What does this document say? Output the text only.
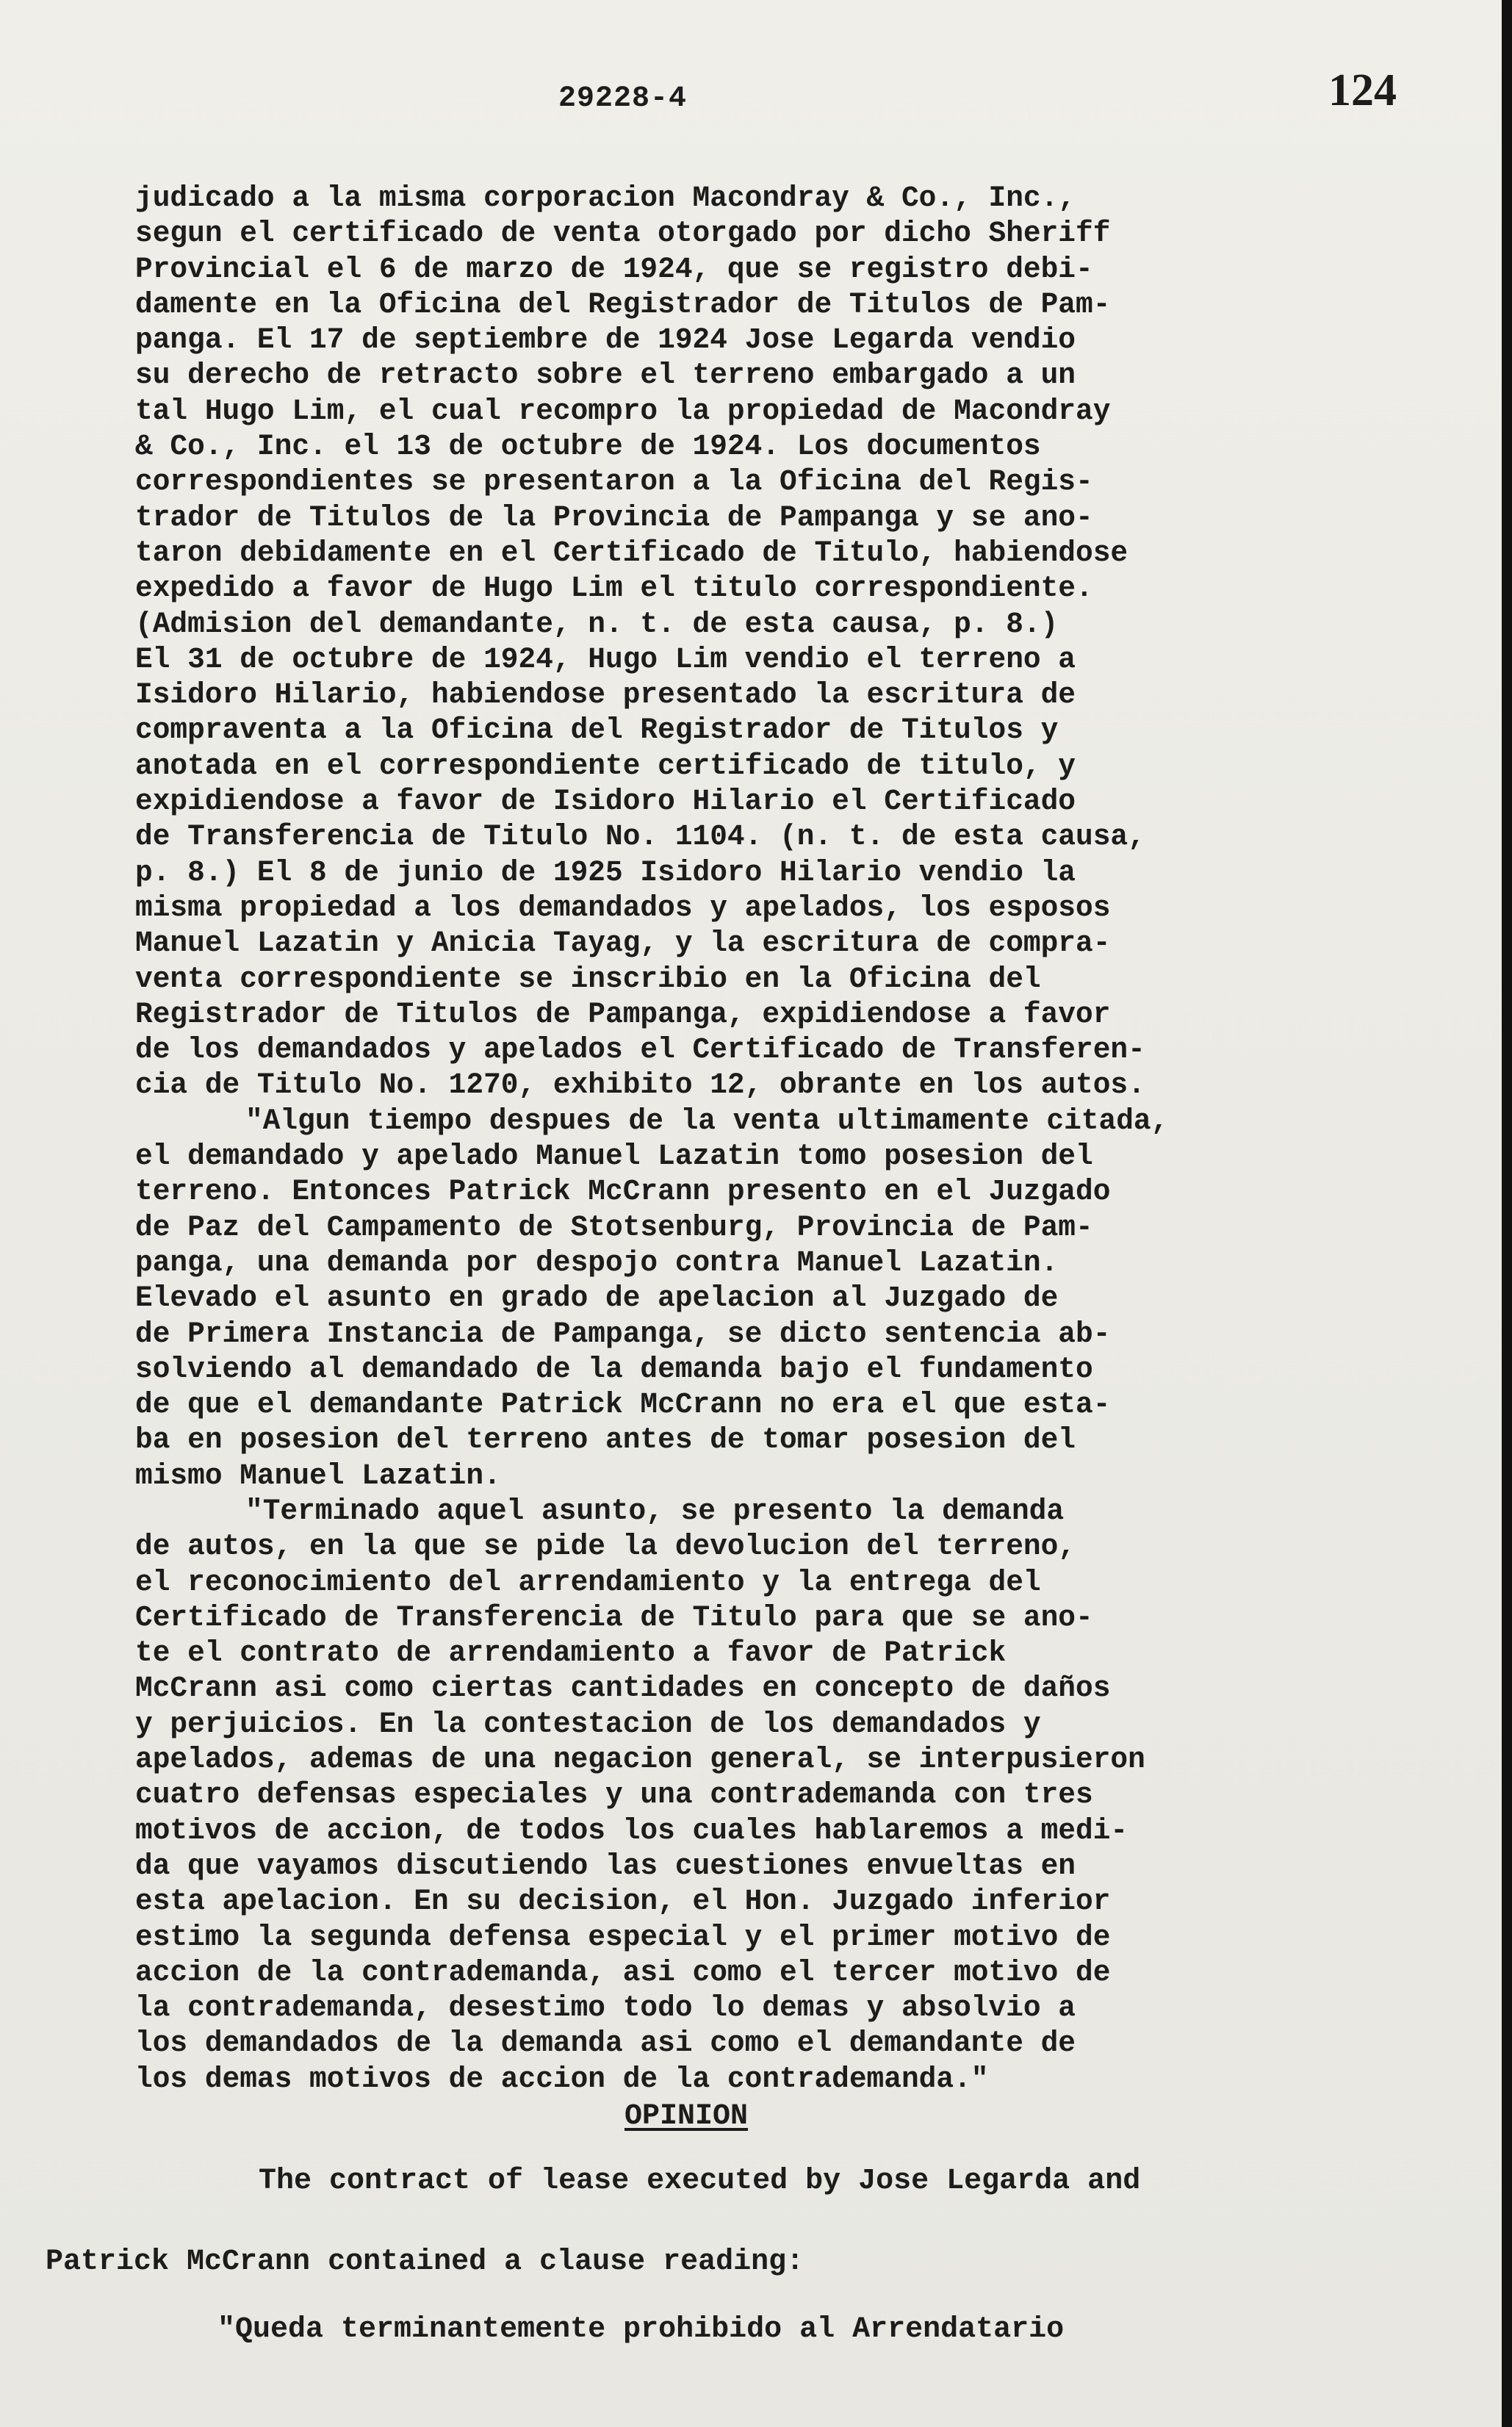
29228-4	124
judicado a la misma corporacion Macondray & Co., Inc.,
segun el certificado de venta otorgado por dicho Sheriff
Provincial el 6 de marzo de 1924, que se registro debi-
damente en la Oficina del Registrador de Titulos de Pam-
panga. El 17 de septiembre de 1924 Jose Legarda vendio
su derecho de retracto sobre el terreno embargado a un
tal Hugo Lim, el cual recompro la propiedad de Macondray
& Co., Inc. el 13 de octubre de 1924. Los documentos
correspondientes se presentaron a la Oficina del Regis-
trador de Titulos de la Provincia de Pampanga y se ano-
taron debidamente en el Certificado de Titulo, habiendose
expedido a favor de Hugo Lim el titulo correspondiente.
(Admision del demandante, n. t. de esta causa, p. 8.)
El 31 de octubre de 1924, Hugo Lim vendio el terreno a
Isidoro Hilario, habiendose presentado la escritura de
compraventa a la Oficina del Registrador de Titulos y
anotada en el correspondiente certificado de titulo, y
expidiendose a favor de Isidoro Hilario el Certificado
de Transferencia de Titulo No. 1104. (n. t. de esta causa,
p. 8.) El 8 de junio de 1925 Isidoro Hilario vendio la
misma propiedad a los demandados y apelados, los esposos
Manuel Lazatin y Anicia Tayag, y la escritura de compra-
venta correspondiente se inscribio en la Oficina del
Registrador de Titulos de Pampanga, expidiendose a favor
de los demandados y apelados el Certificado de Transferen-
cia de Titulo No. 1270, exhibito 12, obrante en los autos.
"Algun tiempo despues de la venta ultimamente citada,
el demandado y apelado Manuel Lazatin tomo posesion del
terreno. Entonces Patrick McCrann presento en el Juzgado
de Paz del Campamento de Stotsenburg, Provincia de Pam-
panga, una demanda por despojo contra Manuel Lazatin.
Elevado el asunto en grado de apelacion al Juzgado de
de Primera Instancia de Pampanga, se dicto sentencia ab-
solviendo al demandado de la demanda bajo el fundamento
de que el demandante Patrick McCrann no era el que esta-
ba en posesion del terreno antes de tomar posesion del
mismo Manuel Lazatin.
"Terminado aquel asunto, se presento la demanda
de autos, en la que se pide la devolucion del terreno,
el reconocimiento del arrendamiento y la entrega del
Certificado de Transferencia de Titulo para que se ano-
te el contrato de arrendamiento a favor de Patrick
McCrann asi como ciertas cantidades en concepto de daños
y perjuicios. En la contestacion de los demandados y
apelados, ademas de una negacion general, se interpusieron
cuatro defensas especiales y una contrademanda con tres
motivos de accion, de todos los cuales hablaremos a medi-
da que vayamos discutiendo las cuestiones envueltas en
esta apelacion. En su decision, el Hon. Juzgado inferior
estimo la segunda defensa especial y el primer motivo de
accion de la contrademanda, asi como el tercer motivo de
la contrademanda, desestimo todo lo demas y absolvio a
los demandados de la demanda asi como el demandante de
los demas motivos de accion de la contrademanda."
OPINION
The contract of lease executed by Jose Legarda and
Patrick McCrann contained a clause reading:
"Queda terminantemente prohibido al Arrendatario
